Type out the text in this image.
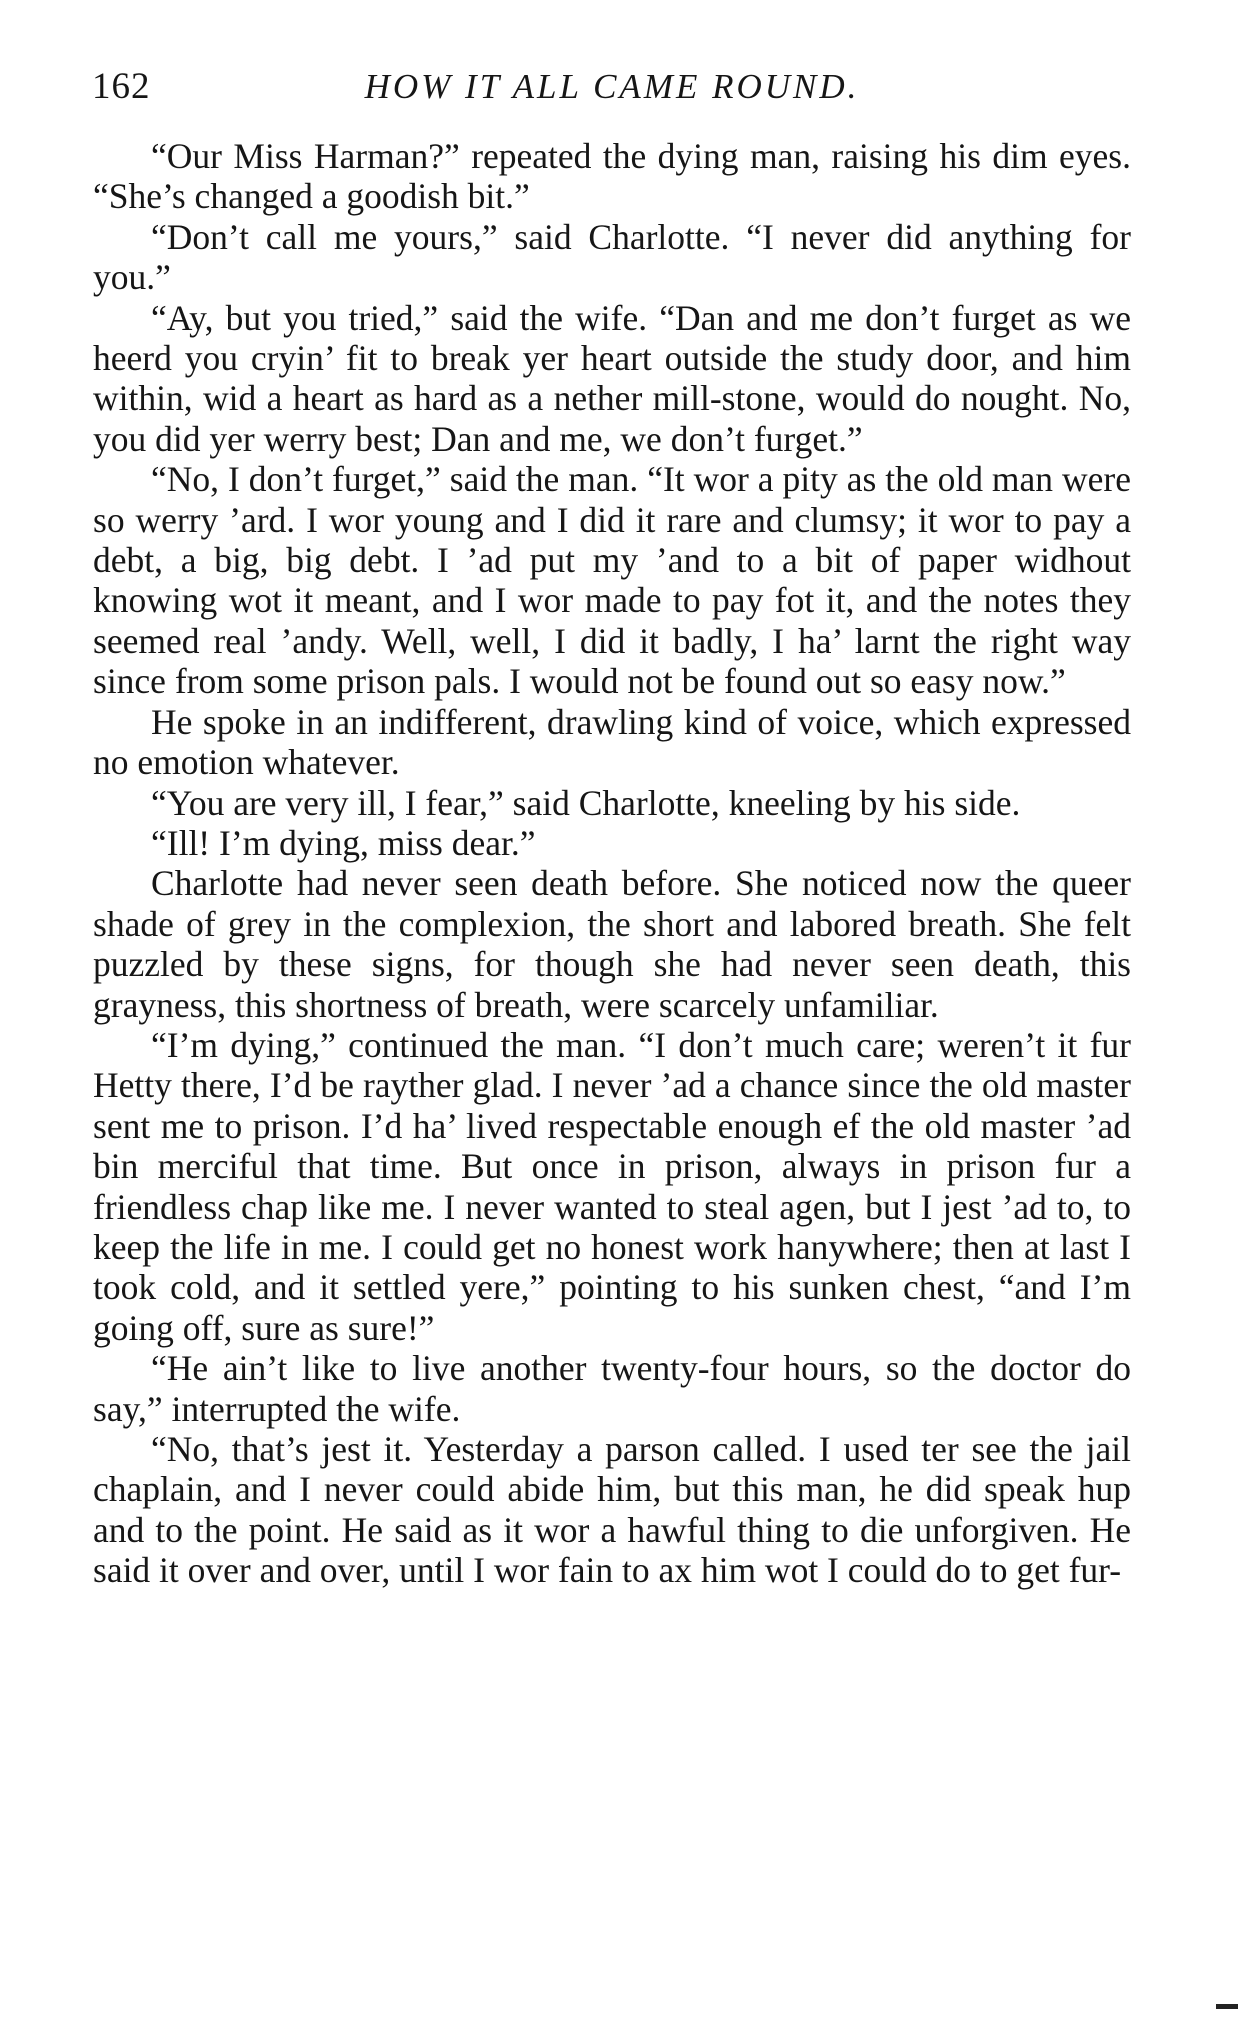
162	HOW IT ALL CAME ROUND.

“Our Miss Harman?” repeated the dying man, raising his dim eyes. “She’s changed a goodish bit.”

“Don’t call me yours,” said Charlotte. “I never did anything for you.”

“Ay, but you tried,” said the wife. “Dan and me don’t furget as we heerd you cryin’ fit to break yer heart outside the study door, and him within, wid a heart as hard as a nether mill-stone, would do nought. No, you did yer werry best; Dan and me, we don’t furget.”

“No, I don’t furget,” said the man. “It wor a pity as the old man were so werry ’ard. I wor young and I did it rare and clumsy; it wor to pay a debt, a big, big debt. I ’ad put my ’and to a bit of paper widhout knowing wot it meant, and I wor made to pay fot it, and the notes they seemed real ’andy. Well, well, I did it badly, I ha’ larnt the right way since from some prison pals. I would not be found out so easy now.”

He spoke in an indifferent, drawling kind of voice, which expressed no emotion whatever.

“You are very ill, I fear,” said Charlotte, kneeling by his side.

“Ill! I’m dying, miss dear.”

Charlotte had never seen death before. She noticed now the queer shade of grey in the complexion, the short and labored breath. She felt puzzled by these signs, for though she had never seen death, this grayness, this shortness of breath, were scarcely unfamiliar.

“I’m dying,” continued the man. “I don’t much care; weren’t it fur Hetty there, I’d be rayther glad. I never ’ad a chance since the old master sent me to prison. I’d ha’ lived respectable enough ef the old master ’ad bin merciful that time. But once in prison, always in prison fur a friendless chap like me. I never wanted to steal agen, but I jest ’ad to, to keep the life in me. I could get no honest work hanywhere; then at last I took cold, and it settled yere,” pointing to his sunken chest, “and I’m going off, sure as sure!”

“He ain’t like to live another twenty-four hours, so the doctor do say,” interrupted the wife.

“No, that’s jest it. Yesterday a parson called. I used ter see the jail chaplain, and I never could abide him, but this man, he did speak hup and to the point. He said as it wor a hawful thing to die unforgiven. He said it over and over, until I wor fain to ax him wot I could do to get fur-
